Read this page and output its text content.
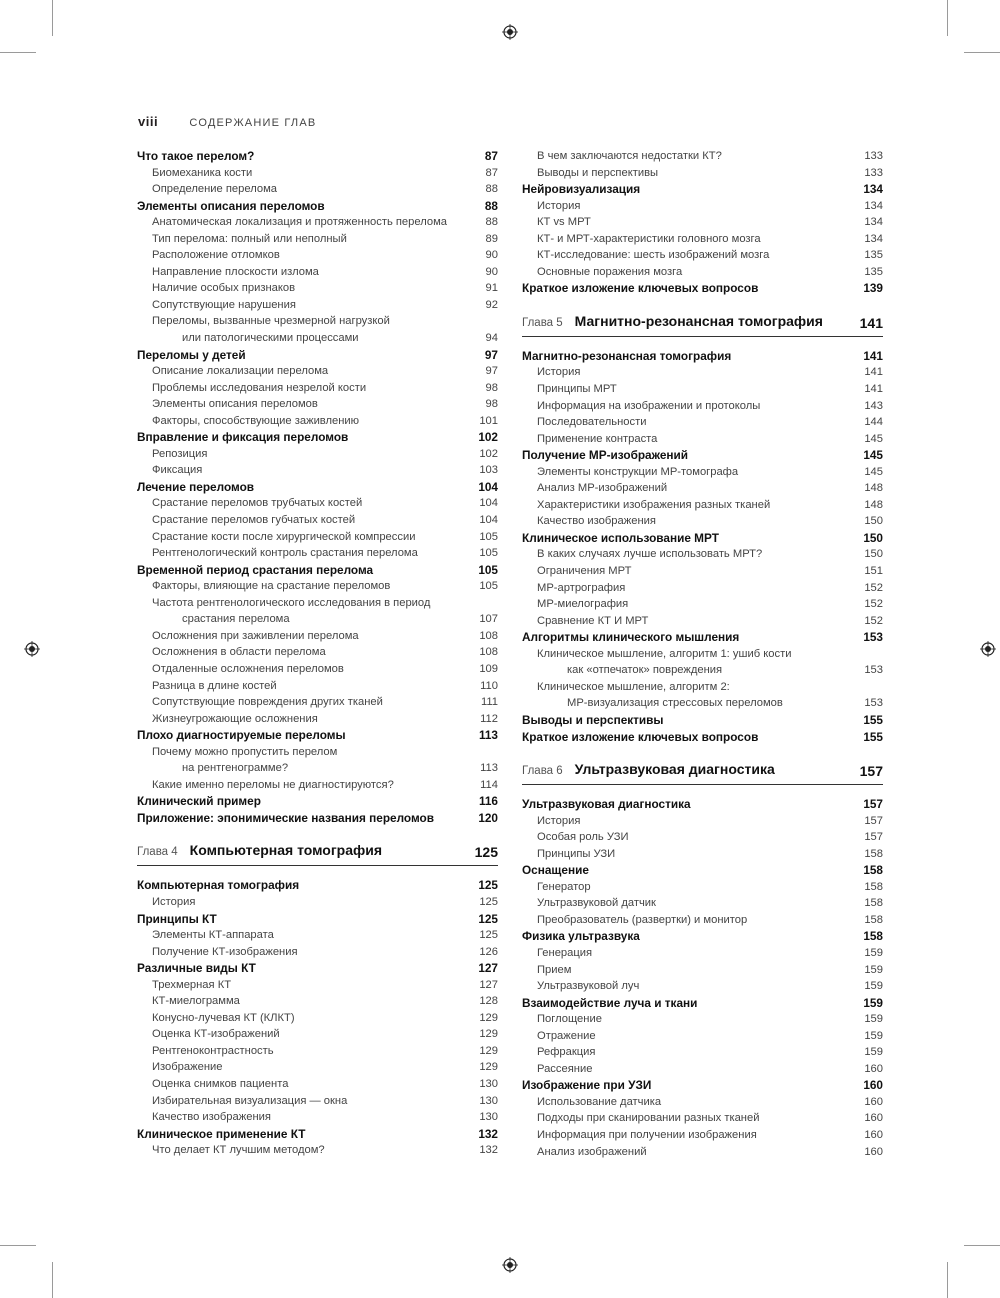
viii	СОДЕРЖАНИЕ ГЛАВ
Что такое перелом?	87
Биомеханика кости	87
Определение перелома	88
Элементы описания переломов	88
Анатомическая локализация и протяженность перелома	88
Тип перелома: полный или неполный	89
Расположение отломков	90
Направление плоскости излома	90
Наличие особых признаков	91
Сопутствующие нарушения	92
Переломы, вызванные чрезмерной нагрузкой
или патологическими процессами	94
Переломы у детей	97
Описание локализации перелома	97
Проблемы исследования незрелой кости	98
Элементы описания переломов	98
Факторы, способствующие заживлению	101
Вправление и фиксация переломов	102
Репозиция	102
Фиксация	103
Лечение переломов	104
Срастание переломов трубчатых костей	104
Срастание переломов губчатых костей	104
Срастание кости после хирургической компрессии	105
Рентгенологический контроль срастания перелома	105
Временной период срастания перелома	105
Факторы, влияющие на срастание переломов	105
Частота рентгенологического исследования в период
срастания перелома	107
Осложнения при заживлении перелома	108
Осложнения в области перелома	108
Отдаленные осложнения переломов	109
Разница в длине костей	110
Сопутствующие повреждения других тканей	111
Жизнеугрожающие осложнения	112
Плохо диагностируемые переломы	113
Почему можно пропустить перелом
на рентгенограмме?	113
Какие именно переломы не диагностируются?	114
Клинический пример	116
Приложение: эпонимические названия переломов	120
Глава 4 Компьютерная томография	125
Компьютерная томография	125
История	125
Принципы КТ	125
Элементы КТ-аппарата	125
Получение КТ-изображения	126
Различные виды КТ	127
Трехмерная КТ	127
КТ-миелограмма	128
Конусно-лучевая КТ (КЛКТ)	129
Оценка КТ-изображений	129
Рентгеноконтрастность	129
Изображение	129
Оценка снимков пациента	130
Избирательная визуализация — окна	130
Качество изображения	130
Клиническое применение КТ	132
Что делает КТ лучшим методом?	132
В чем заключаются недостатки КТ?	133
Выводы и перспективы	133
Нейровизуализация	134
История	134
КТ vs МРТ	134
КТ- и МРТ-характеристики головного мозга	134
КТ-исследование: шесть изображений мозга	135
Основные поражения мозга	135
Краткое изложение ключевых вопросов	139
Глава 5 Магнитно-резонансная томография	141
Магнитно-резонансная томография	141
История	141
Принципы МРТ	141
Информация на изображении и протоколы	143
Последовательности	144
Применение контраста	145
Получение МР-изображений	145
Элементы конструкции МР-томографа	145
Анализ МР-изображений	148
Характеристики изображения разных тканей	148
Качество изображения	150
Клиническое использование МРТ	150
В каких случаях лучше использовать МРТ?	150
Ограничения МРТ	151
МР-артрография	152
МР-миелография	152
Сравнение КТ И МРТ	152
Алгоритмы клинического мышления	153
Клиническое мышление, алгоритм 1: ушиб кости
как «отпечаток» повреждения	153
Клиническое мышление, алгоритм 2:
МР-визуализация стрессовых переломов	153
Выводы и перспективы	155
Краткое изложение ключевых вопросов	155
Глава 6 Ультразвуковая диагностика	157
Ультразвуковая диагностика	157
История	157
Особая роль УЗИ	157
Принципы УЗИ	158
Оснащение	158
Генератор	158
Ультразвуковой датчик	158
Преобразователь (развертки) и монитор	158
Физика ультразвука	158
Генерация	159
Прием	159
Ультразвуковой луч	159
Взаимодействие луча и ткани	159
Поглощение	159
Отражение	159
Рефракция	159
Рассеяние	160
Изображение при УЗИ	160
Использование датчика	160
Подходы при сканировании разных тканей	160
Информация при получении изображения	160
Анализ изображений	160
